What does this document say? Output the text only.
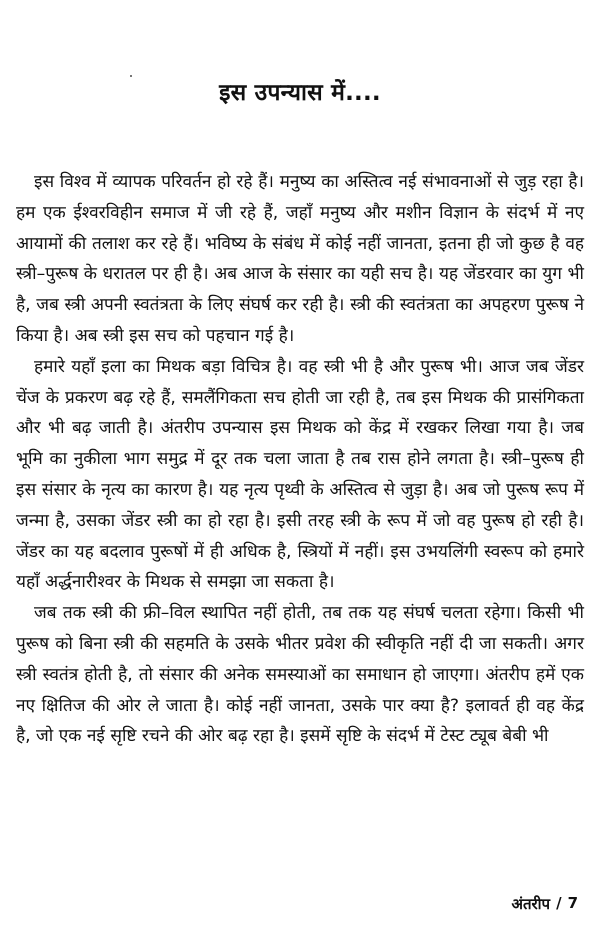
इस उपन्यास में....

इस विश्व में व्यापक परिवर्तन हो रहे हैं। मनुष्य का अस्तित्व नई संभावनाओं से जुड़ रहा है। हम एक ईश्वरविहीन समाज में जी रहे हैं, जहाँ मनुष्य और मशीन विज्ञान के संदर्भ में नए आयामों की तलाश कर रहे हैं। भविष्य के संबंध में कोई नहीं जानता, इतना ही जो कुछ है वह स्त्री–पुरूष के धरातल पर ही है। अब आज के संसार का यही सच है। यह जेंडरवार का युग भी है, जब स्त्री अपनी स्वतंत्रता के लिए संघर्ष कर रही है। स्त्री की स्वतंत्रता का अपहरण पुरूष ने किया है। अब स्त्री इस सच को पहचान गई है।

हमारे यहाँ इला का मिथक बड़ा विचित्र है। वह स्त्री भी है और पुरूष भी। आज जब जेंडर चेंज के प्रकरण बढ़ रहे हैं, समलैंगिकता सच होती जा रही है, तब इस मिथक की प्रासंगिकता और भी बढ़ जाती है। अंतरीप उपन्यास इस मिथक को केंद्र में रखकर लिखा गया है। जब भूमि का नुकीला भाग समुद्र में दूर तक चला जाता है तब रास होने लगता है। स्त्री–पुरूष ही इस संसार के नृत्य का कारण है। यह नृत्य पृथ्वी के अस्तित्व से जुड़ा है। अब जो पुरूष रूप में जन्मा है, उसका जेंडर स्त्री का हो रहा है। इसी तरह स्त्री के रूप में जो वह पुरूष हो रही है। जेंडर का यह बदलाव पुरूषों में ही अधिक है, स्त्रियों में नहीं। इस उभयलिंगी स्वरूप को हमारे यहाँ अर्द्धनारीश्वर के मिथक से समझा जा सकता है।

जब तक स्त्री की फ्री–विल स्थापित नहीं होती, तब तक यह संघर्ष चलता रहेगा। किसी भी पुरूष को बिना स्त्री की सहमति के उसके भीतर प्रवेश की स्वीकृति नहीं दी जा सकती। अगर स्त्री स्वतंत्र होती है, तो संसार की अनेक समस्याओं का समाधान हो जाएगा। अंतरीप हमें एक नए क्षितिज की ओर ले जाता है। कोई नहीं जानता, उसके पार क्या है? इलावर्त ही वह केंद्र है, जो एक नई सृष्टि रचने की ओर बढ़ रहा है। इसमें सृष्टि के संदर्भ में टेस्ट ट्यूब बेबी भी

अंतरीप / 7
